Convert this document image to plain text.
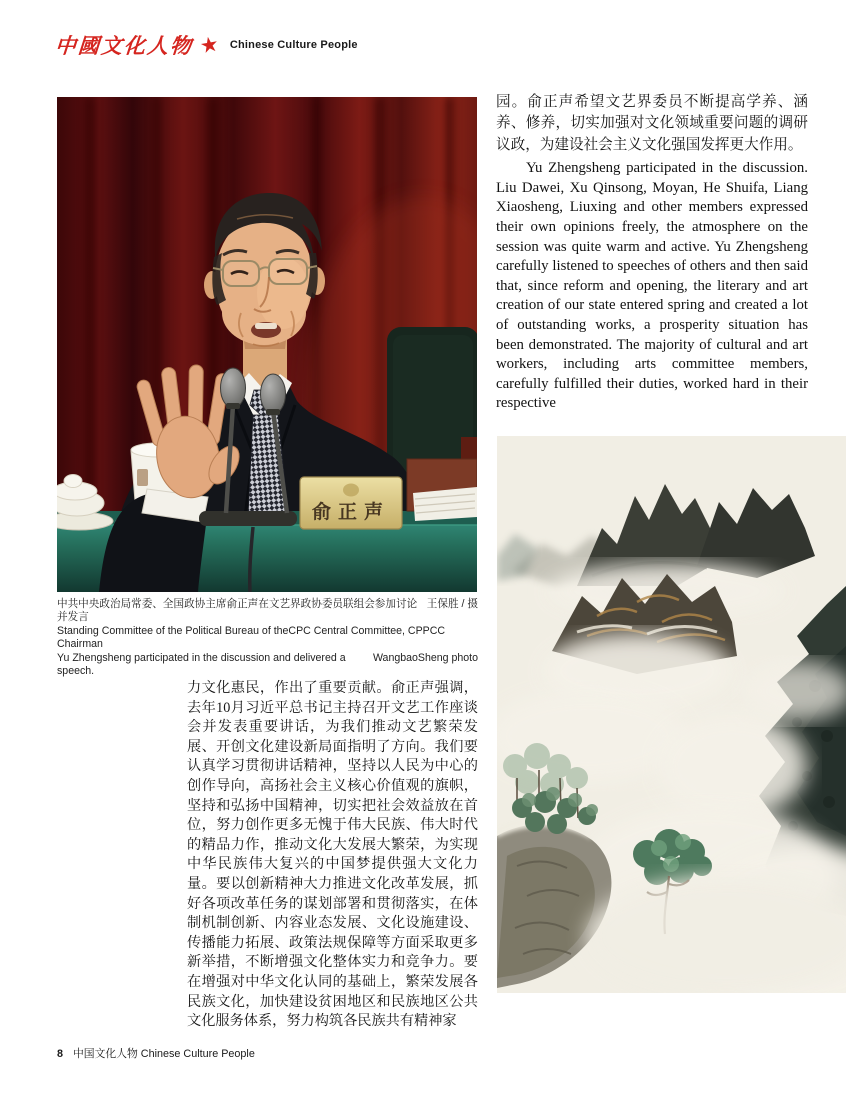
中國文化人物 ★ Chinese Culture People
俞正声
中共中央政治局常委、全国政协主席俞正声在文艺界政协委员联组会参加讨论并发言
王保胜 / 摄
Standing Committee of the Political Bureau of theCPC Central Committee, CPPCC Chairman
Yu Zhengsheng participated in the discussion and delivered a speech.
WangbaoSheng photo

园。俞正声希望文艺界委员不断提高学养、涵养、修养，切实加强对文化领域重要问题的调研议政，为建设社会主义文化强国发挥更大作用。

Yu Zhengsheng participated in the discussion. Liu Dawei, Xu Qinsong, Moyan, He Shuifa, Liang Xiaosheng, Liuxing and other members expressed their own opinions freely, the atmosphere on the session was quite warm and active. Yu Zhengsheng carefully listened to speeches of others and then said that, since reform and opening, the literary and art creation of our state entered spring and created a lot of outstanding works, a prosperity situation has been demonstrated. The majority of cultural and art workers, including arts committee members, carefully fulfilled their duties, worked hard in their respective

力文化惠民，作出了重要贡献。俞正声强调，去年10月习近平总书记主持召开文艺工作座谈会并发表重要讲话，为我们推动文艺繁荣发展、开创文化建设新局面指明了方向。我们要认真学习贯彻讲话精神，坚持以人民为中心的创作导向，高扬社会主义核心价值观的旗帜，坚持和弘扬中国精神，切实把社会效益放在首位，努力创作更多无愧于伟大民族、伟大时代的精品力作，推动文化大发展大繁荣，为实现中华民族伟大复兴的中国梦提供强大文化力量。要以创新精神大力推进文化改革发展，抓好各项改革任务的谋划部署和贯彻落实，在体制机制创新、内容业态发展、文化设施建设、传播能力拓展、政策法规保障等方面采取更多新举措，不断增强文化整体实力和竞争力。要在增强对中华文化认同的基础上，繁荣发展各民族文化，加快建设贫困地区和民族地区公共文化服务体系，努力构筑各民族共有精神家

8 中国文化人物 Chinese Culture People
